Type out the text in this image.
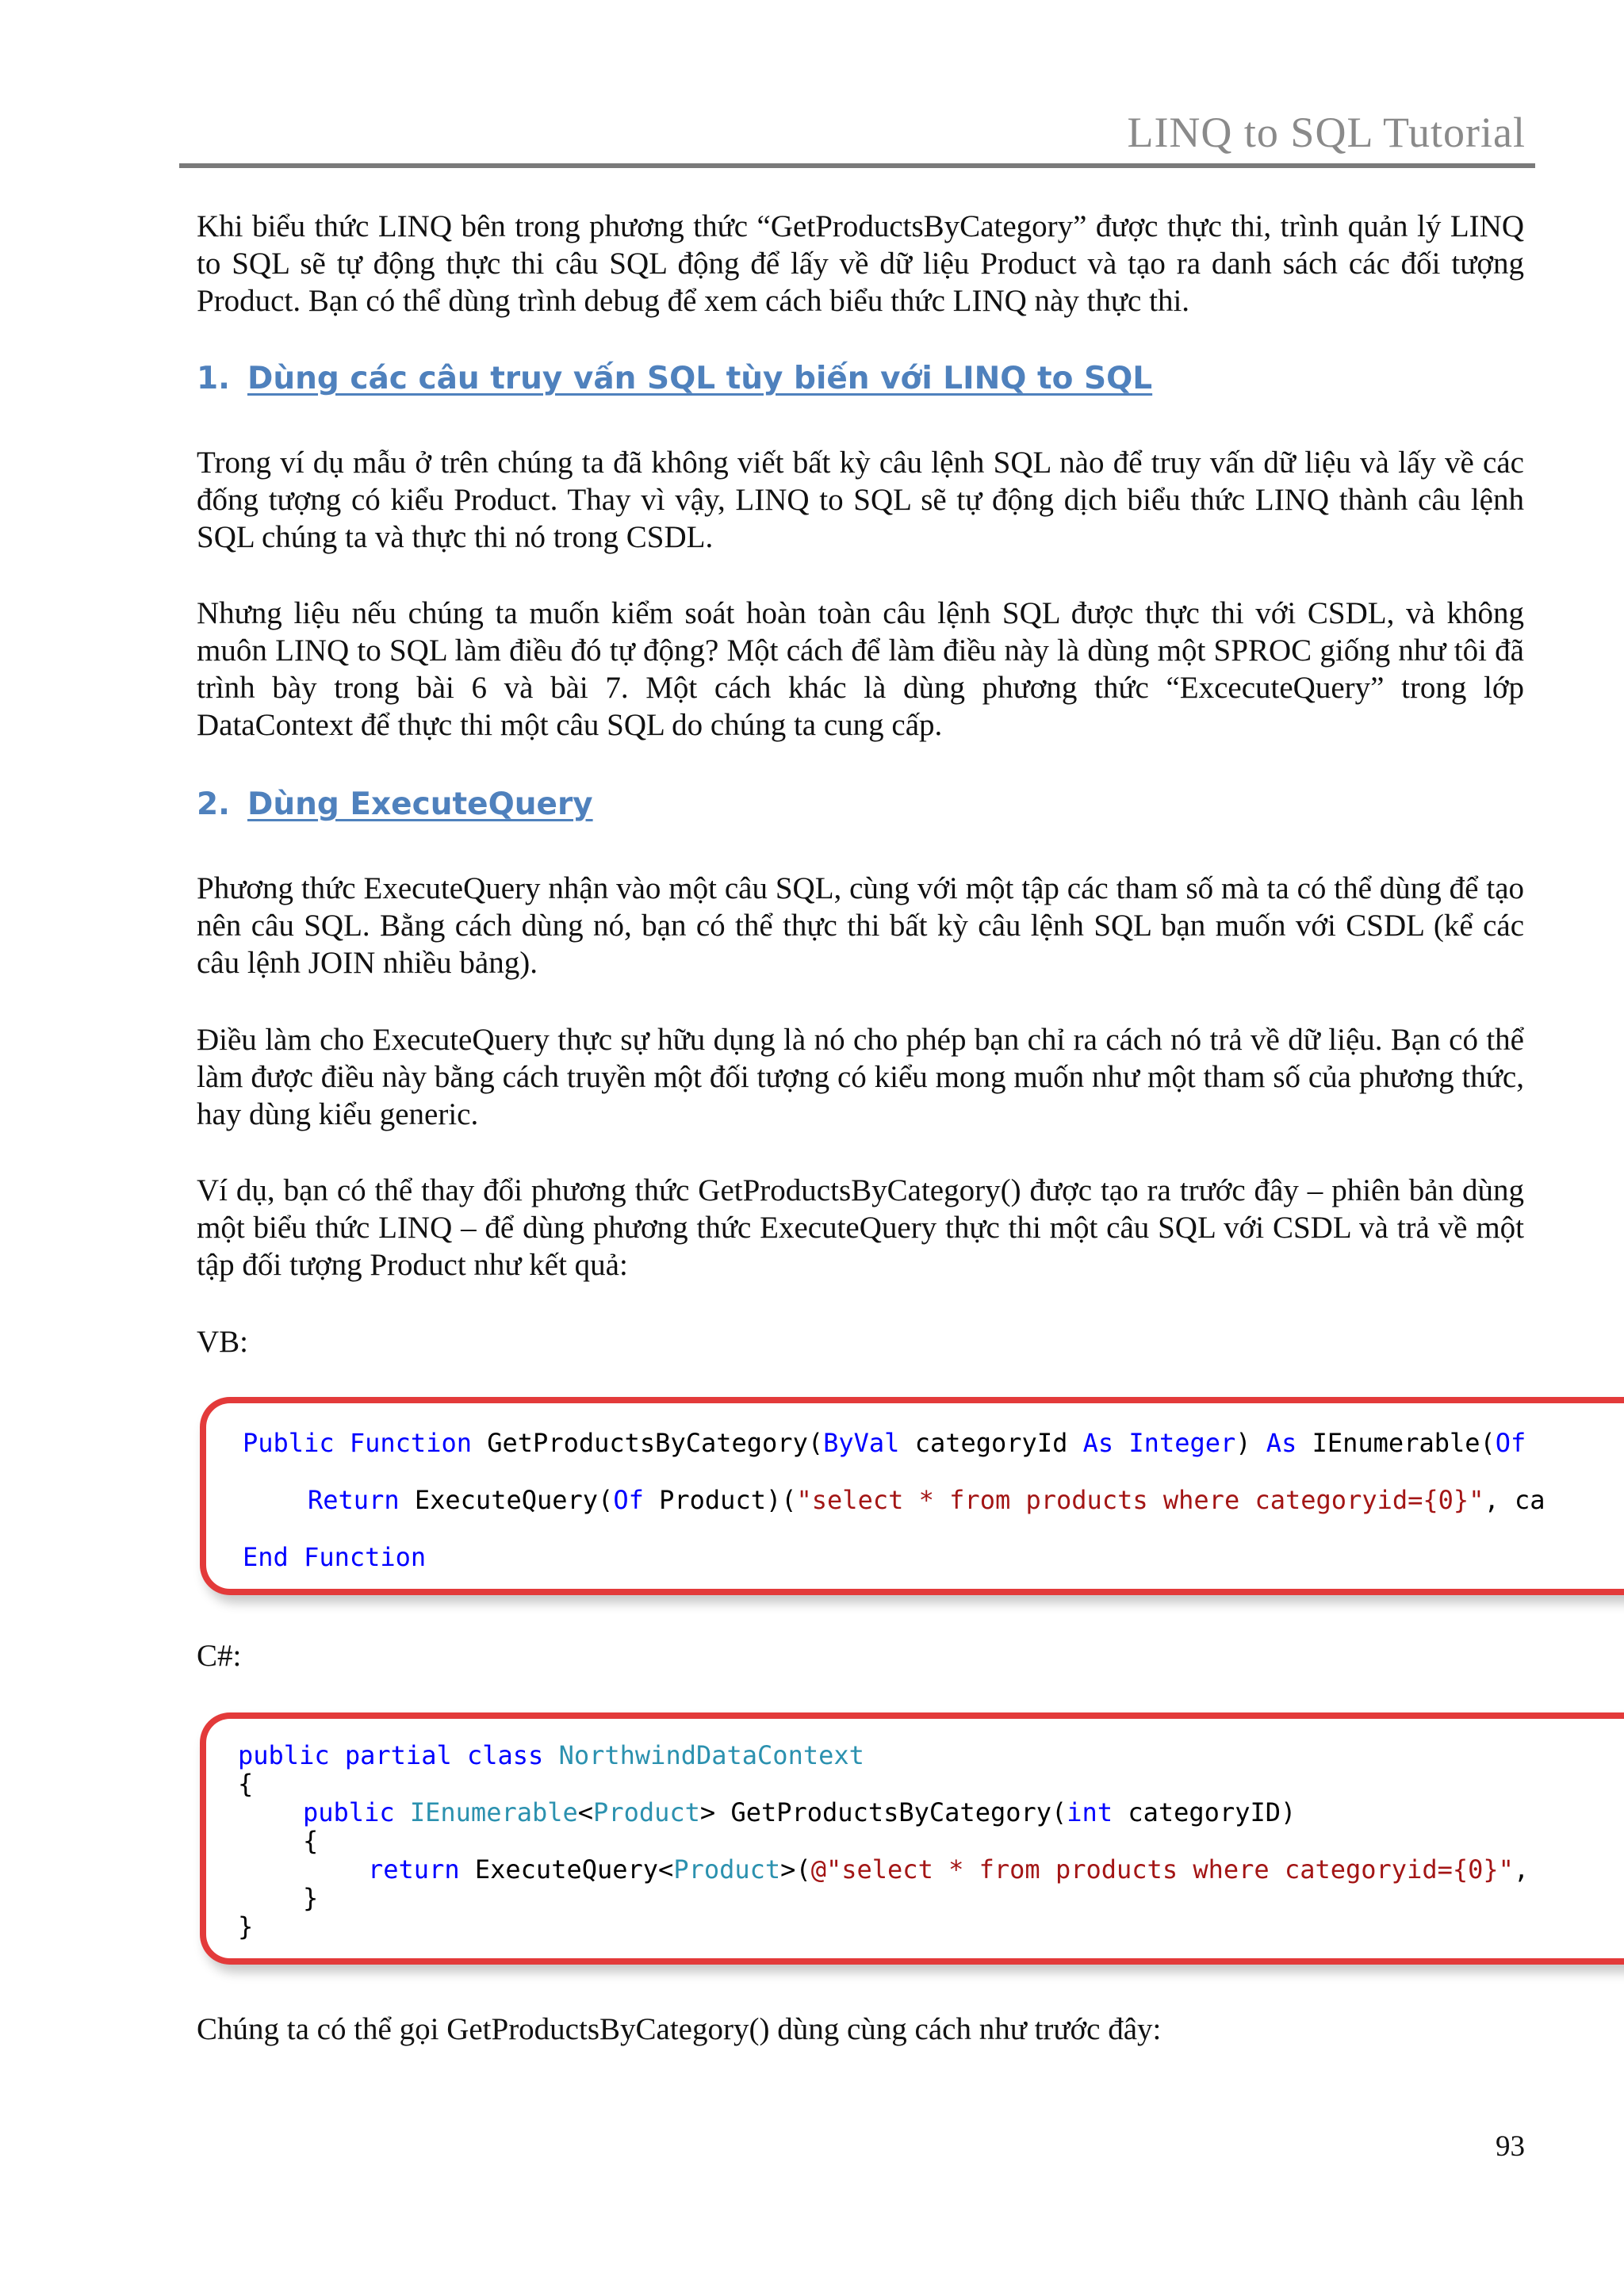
LINQ to SQL Tutorial

Khi biểu thức LINQ bên trong phương thức “GetProductsByCategory” được thực thi, trình quản lý LINQ to SQL sẽ tự động thực thi câu SQL động để lấy về dữ liệu Product và tạo ra danh sách các đối tượng Product. Bạn có thể dùng trình debug để xem cách biểu thức LINQ này thực thi.

1. Dùng các câu truy vấn SQL tùy biến với LINQ to SQL

Trong ví dụ mẫu ở trên chúng ta đã không viết bất kỳ câu lệnh SQL nào để truy vấn dữ liệu và lấy về các đống tượng có kiểu Product. Thay vì vậy, LINQ to SQL sẽ tự động dịch biểu thức LINQ thành câu lệnh SQL chúng ta và thực thi nó trong CSDL.

Nhưng liệu nếu chúng ta muốn kiểm soát hoàn toàn câu lệnh SQL được thực thi với CSDL, và không muôn LINQ to SQL làm điều đó tự động? Một cách để làm điều này là dùng một SPROC giống như tôi đã trình bày trong bài 6 và bài 7. Một cách khác là dùng phương thức “ExcecuteQuery” trong lớp DataContext để thực thi một câu SQL do chúng ta cung cấp.

2. Dùng ExecuteQuery

Phương thức ExecuteQuery nhận vào một câu SQL, cùng với một tập các tham số mà ta có thể dùng để tạo nên câu SQL. Bằng cách dùng nó, bạn có thể thực thi bất kỳ câu lệnh SQL bạn muốn với CSDL (kể các câu lệnh JOIN nhiều bảng).

Điều làm cho ExecuteQuery thực sự hữu dụng là nó cho phép bạn chỉ ra cách nó trả về dữ liệu. Bạn có thể làm được điều này bằng cách truyền một đối tượng có kiểu mong muốn như một tham số của phương thức, hay dùng kiểu generic.

Ví dụ, bạn có thể thay đổi phương thức GetProductsByCategory() được tạo ra trước đây – phiên bản dùng một biểu thức LINQ – để dùng phương thức ExecuteQuery thực thi một câu SQL với CSDL và trả về một tập đối tượng Product như kết quả:

VB:

Public Function GetProductsByCategory(ByVal categoryId As Integer) As IEnumerable(Of
Return ExecuteQuery(Of Product)("select * from products where categoryid={0}", ca
End Function

C#:

public partial class NorthwindDataContext
{
public IEnumerable<Product> GetProductsByCategory(int categoryID)
{
return ExecuteQuery<Product>(@"select * from products where categoryid={0}",
}
}

Chúng ta có thể gọi GetProductsByCategory() dùng cùng cách như trước đây:

93
